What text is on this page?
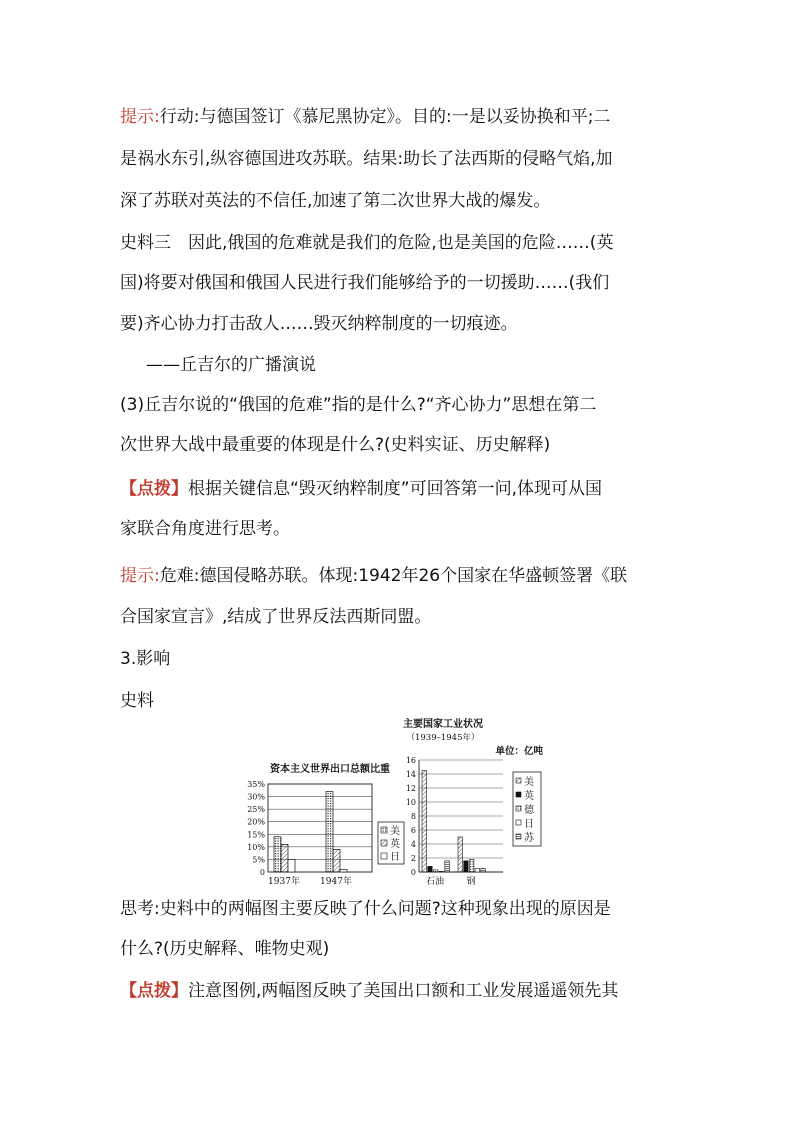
提示:行动:与德国签订《慕尼黑协定》。目的:一是以妥协换和平;二

是祸水东引,纵容德国进攻苏联。结果:助长了法西斯的侵略气焰,加

深了苏联对英法的不信任,加速了第二次世界大战的爆发。

史料三　因此,俄国的危难就是我们的危险,也是美国的危险……(英

国)将要对俄国和俄国人民进行我们能够给予的一切援助……(我们

要)齐心协力打击敌人……毁灭纳粹制度的一切痕迹。

——丘吉尔的广播演说

(3)丘吉尔说的“俄国的危难”指的是什么?“齐心协力”思想在第二

次世界大战中最重要的体现是什么?(史料实证、历史解释)

【点拨】根据关键信息“毁灭纳粹制度”可回答第一问,体现可从国

家联合角度进行思考。

提示:危难:德国侵略苏联。体现:1942年26个国家在华盛顿签署《联

合国家宣言》,结成了世界反法西斯同盟。

3.影响

史料

资本主义世界出口总额比重
35%
30%
25%
20%
15%
10%
5%
0
1937年 1947年
美
英
日
主要国家工业状况
（1939–1945年）
单位：亿吨
16
14
12
10
8
6
4
2
0
石油 钢
美
英
德
日
苏

思考:史料中的两幅图主要反映了什么问题?这种现象出现的原因是

什么?(历史解释、唯物史观)

【点拨】注意图例,两幅图反映了美国出口额和工业发展遥遥领先其
